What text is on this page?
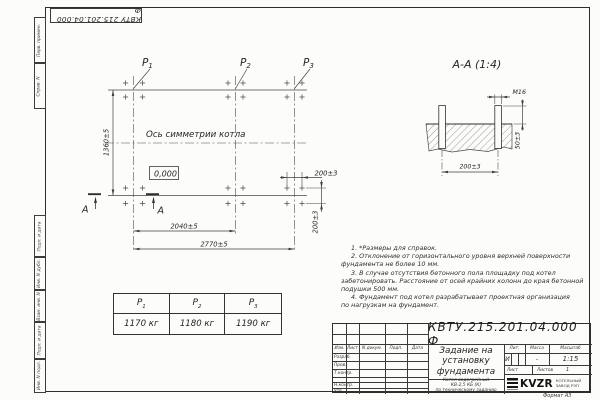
КВТУ 215.201.04.000 Ф
Перв. примен.
Справ. N
Подп. и дата
Инв. N дубл.
Взам. инв. N
Подп. и дата
Инв. N подл.
P1	P2	P3
Ось симметрии котла
0,000
1360±5
2040±5
2770±5
200±3
200±3
А	А
А-А (1:4)
М16
50±3
200±3
1. *Размеры для справок.
2. Отклонение от горизонтального уровня верхней поверхности
фундамента не более 10 мм.
3. В случае отсутствия бетонного пола площадку под котел
забетонировать. Расстояние от осей крайних колонн до края бетонной
подушки 500 мм.
4. Фундамент под котел разрабатывает проектная организация
по нагрузкам на фундамент.
$P_1$	$P_2$	$P_3$
1170 кг	1180 кг	1190 кг
Изм. Лист N докум.	Подп.	Дата
Разраб.
Пров.
Т.контр.
Н.контр.
Утв.
КВТУ.215.201.04.000 Ф
Задание на
установку
фундамента
Котел водогрейный
КВ-2,5 КБ (К)
по техническому заданию
Лит.	Масса	Масштаб
И	-	1:15
Лист	Листов	1
KVZR КОТЕЛЬНЫЙ
ЗАВОД РЭП
Формат А3
